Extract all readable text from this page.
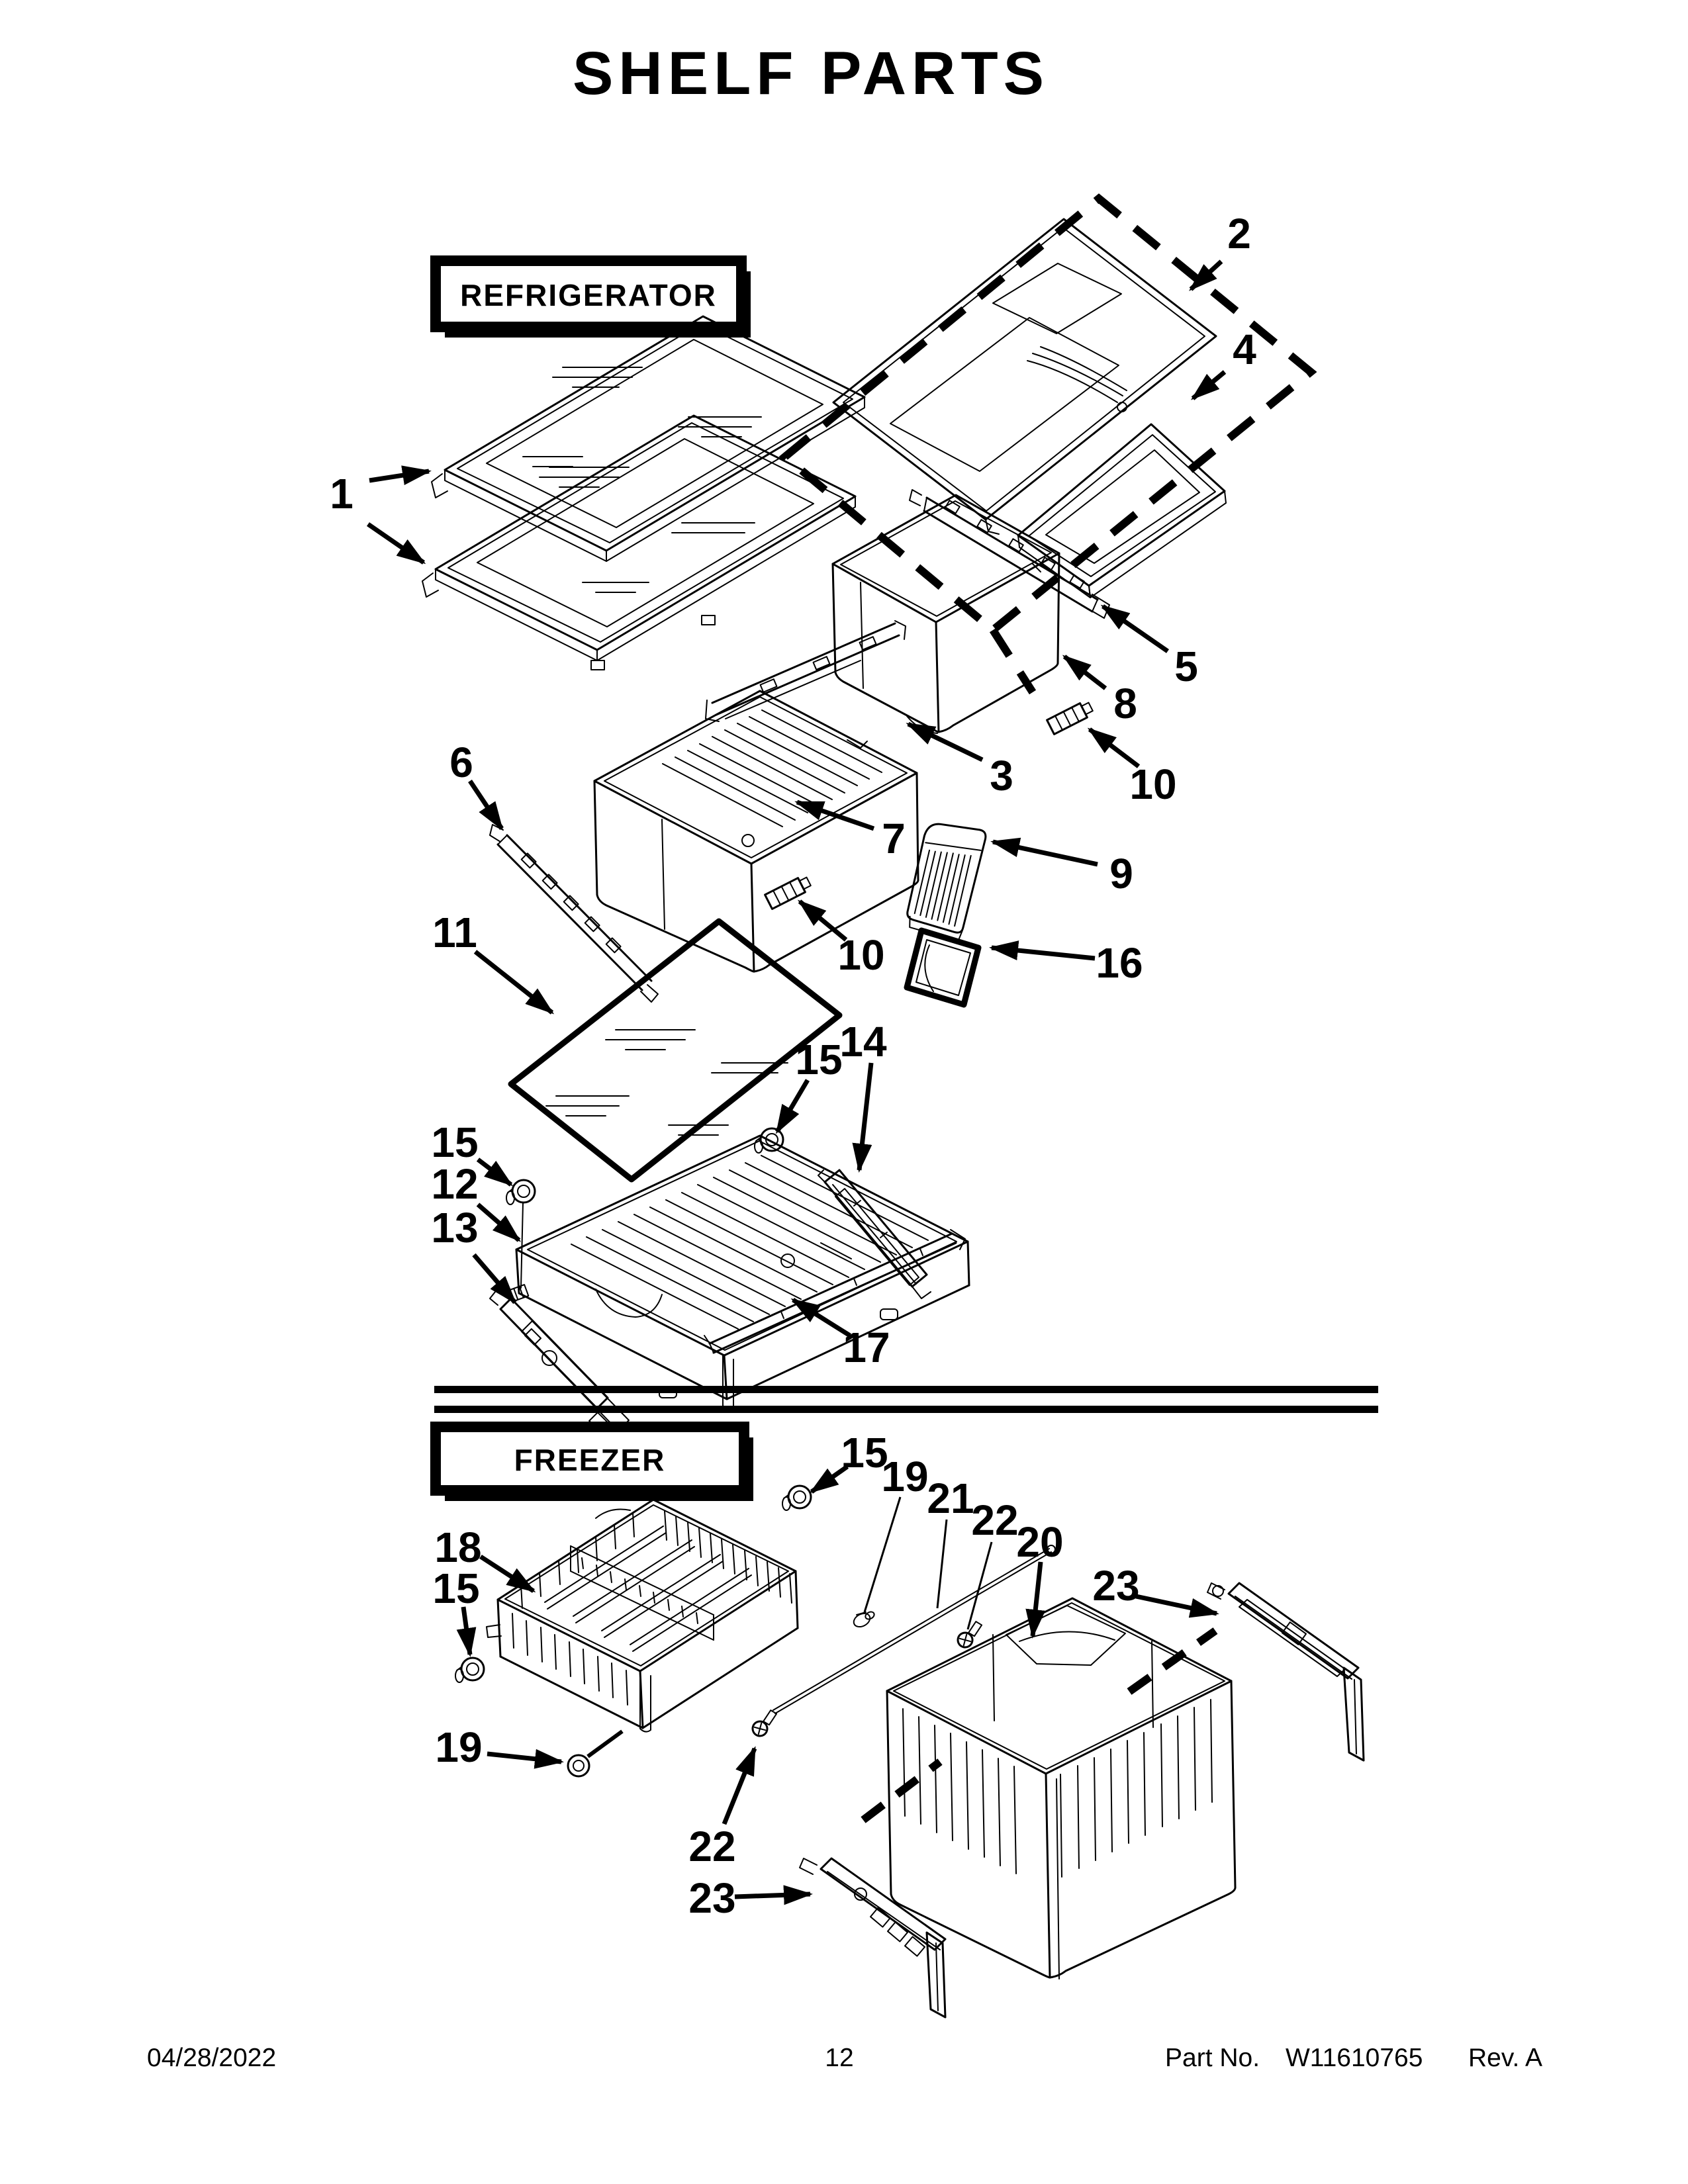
SHELF PARTS
REFRIGERATOR
FREEZER
1
2
4
5
8
3	10
6
7
9
10	16
11
14
15
15
12
13
17
15
19
21
22
20
18
15	23
19
22
23
04/28/2022	12	Part No. W11610765 Rev. A
